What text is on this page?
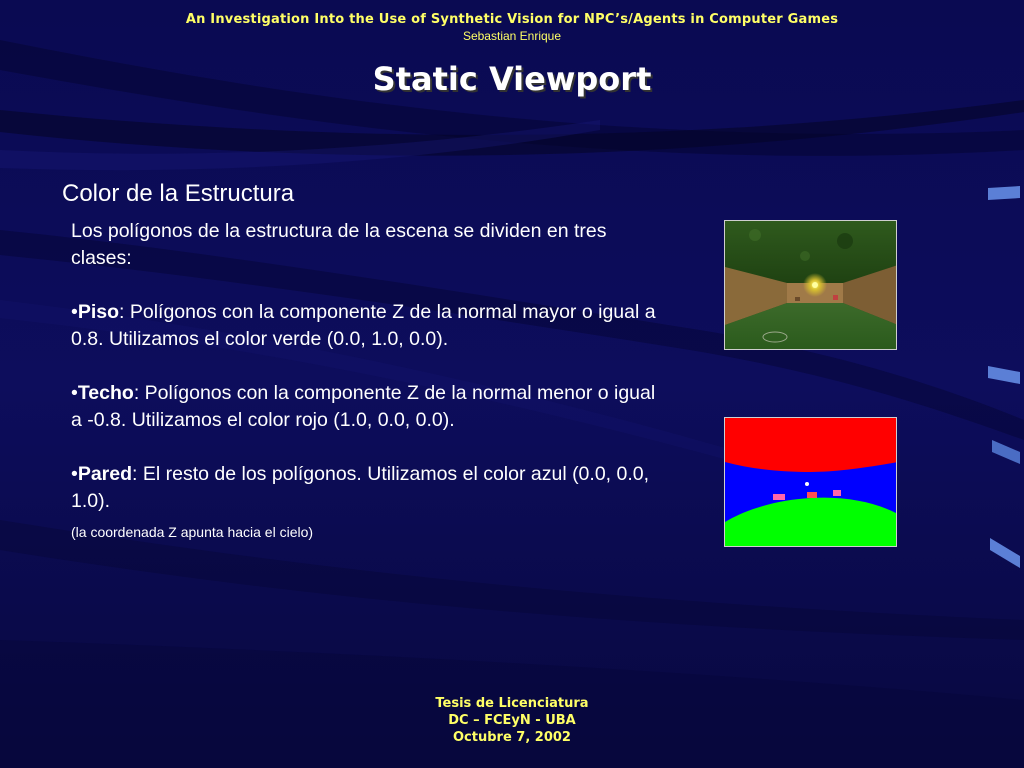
An Investigation Into the Use of Synthetic Vision for NPC’s/Agents in Computer Games
Sebastian Enrique
Static Viewport
Color de la Estructura

Los polígonos de la estructura de la escena se dividen en tres clases:

•Piso: Polígonos con la componente Z de la normal mayor o igual a 0.8. Utilizamos el color verde (0.0, 1.0, 0.0).

•Techo: Polígonos con la componente Z de la normal menor o igual a -0.8. Utilizamos el color rojo (1.0, 0.0, 0.0).

•Pared: El resto de los polígonos. Utilizamos el color azul (0.0, 0.0, 1.0).

(la coordenada Z apunta hacia el cielo)

Tesis de Licenciatura
DC – FCEyN - UBA
Octubre 7, 2002
